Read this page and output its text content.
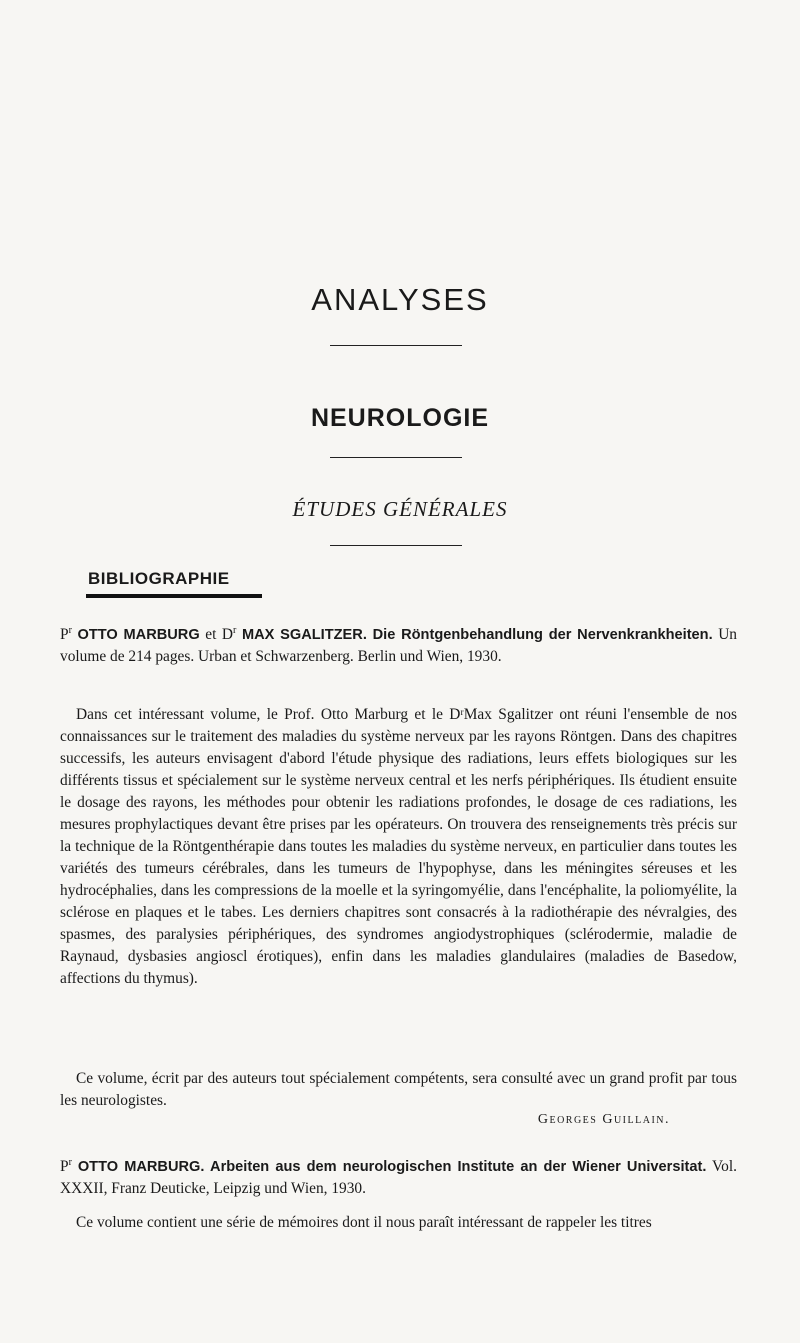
ANALYSES
NEUROLOGIE
ÉTUDES GÉNÉRALES
BIBLIOGRAPHIE
$P^r$ OTTO MARBURG et $D^r$ MAX SGALITZER. Die Röntgenbehandlung der Nervenkrankheiten. Un volume de 214 pages. Urban et Schwarzenberg. Berlin und Wien, 1930.
Dans cet intéressant volume, le Prof. Otto Marburg et le DʳMax Sgalitzer ont réuni l'ensemble de nos connaissances sur le traitement des maladies du système nerveux par les rayons Röntgen. Dans des chapitres successifs, les auteurs envisagent d'abord l'étude physique des radiations, leurs effets biologiques sur les différents tissus et spécialement sur le système nerveux central et les nerfs périphériques. Ils étudient ensuite le dosage des rayons, les méthodes pour obtenir les radiations profondes, le dosage de ces radiations, les mesures prophylactiques devant être prises par les opérateurs. On trouvera des renseignements très précis sur la technique de la Röntgenthérapie dans toutes les maladies du système nerveux, en particulier dans toutes les variétés des tumeurs cérébrales, dans les tumeurs de l'hypophyse, dans les méningites séreuses et les hydrocéphalies, dans les compressions de la moelle et la syringomyélie, dans l'encéphalite, la poliomyélite, la sclérose en plaques et le tabes. Les derniers chapitres sont consacrés à la radiothérapie des névralgies, des spasmes, des paralysies périphériques, des syndromes angiodystrophiques (sclérodermie, maladie de Raynaud, dysbasies angioscl érotiques), enfin dans les maladies glandulaires (maladies de Basedow, affections du thymus).
Ce volume, écrit par des auteurs tout spécialement compétents, sera consulté avec un grand profit par tous les neurologistes.
Georges Guillain.
$P^r$ OTTO MARBURG. Arbeiten aus dem neurologischen Institute an der Wiener Universitat. Vol. XXXII, Franz Deuticke, Leipzig und Wien, 1930.
Ce volume contient une série de mémoires dont il nous paraît intéressant de rappeler les titres
